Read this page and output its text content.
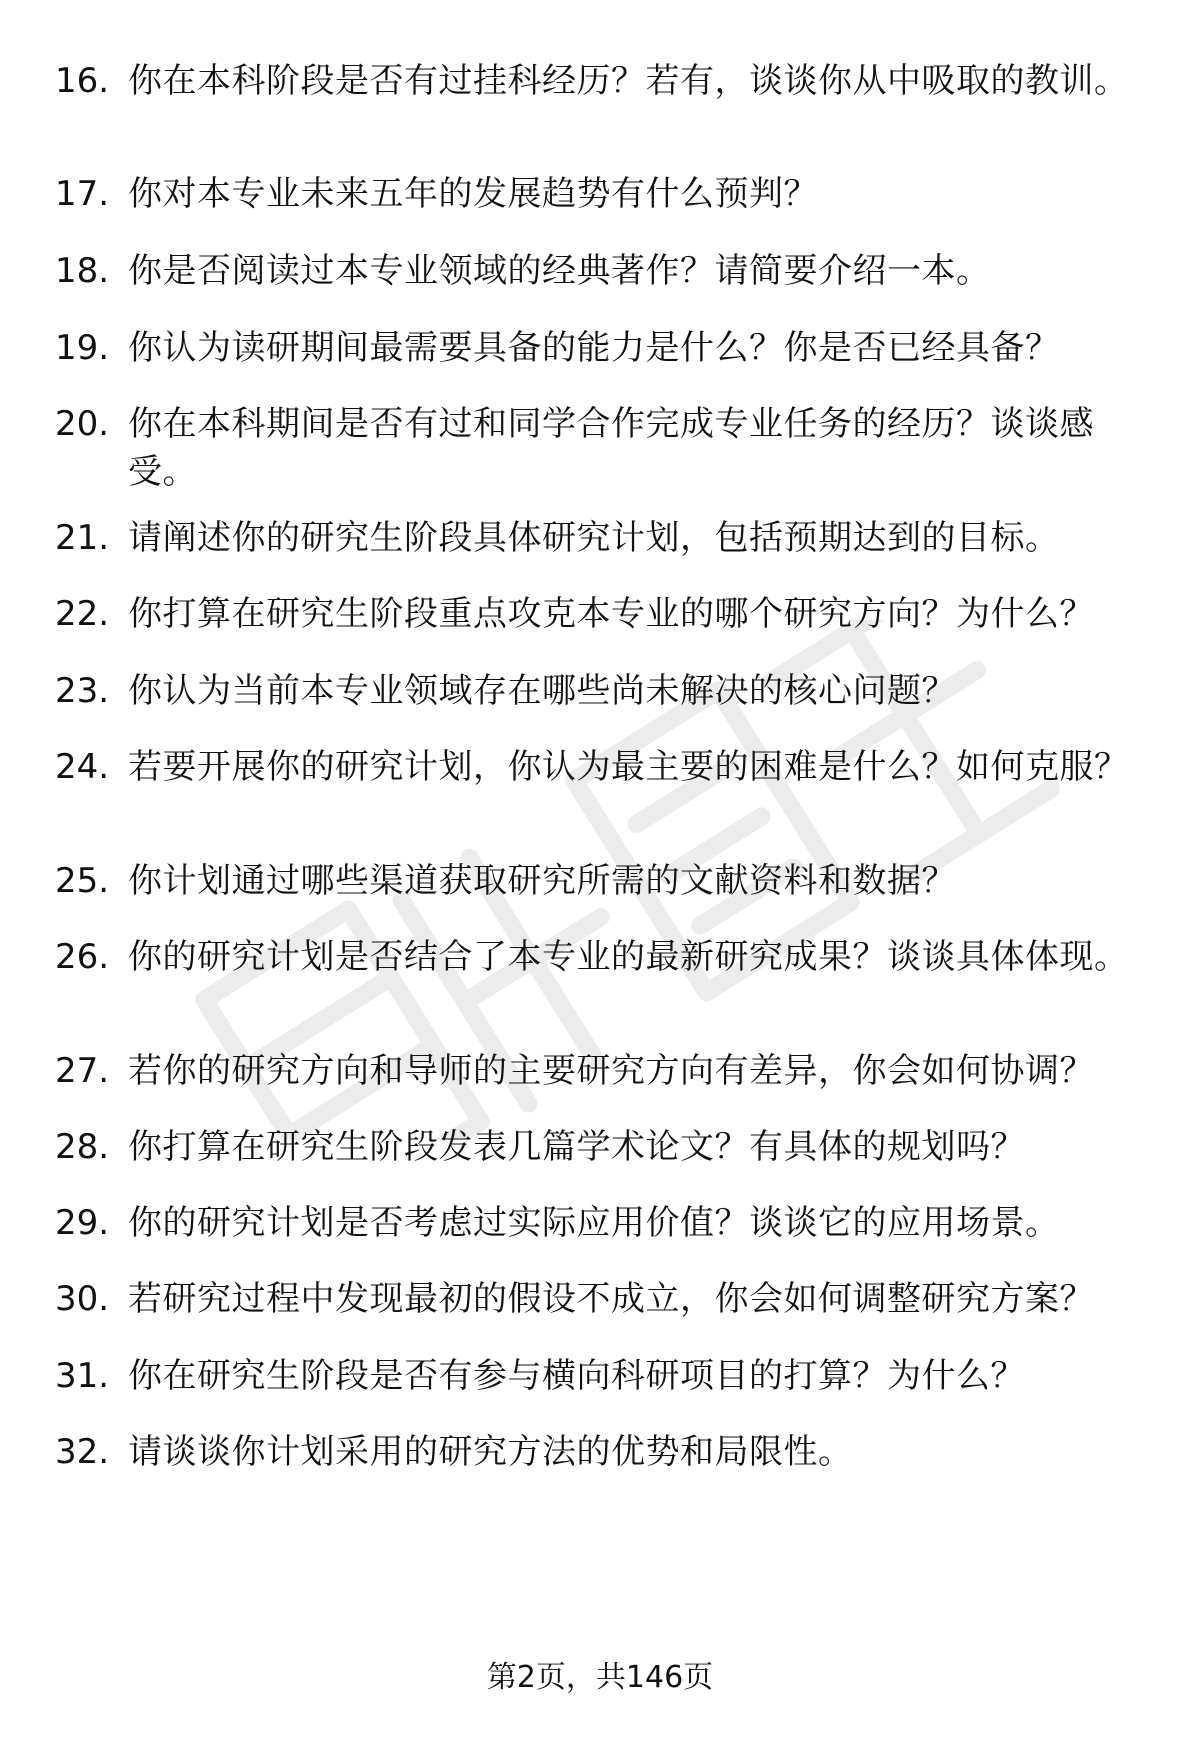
16. 你在本科阶段是否有过挂科经历？若有，谈谈你从中吸取的教训。
17. 你对本专业未来五年的发展趋势有什么预判？
18. 你是否阅读过本专业领域的经典著作？请简要介绍一本。
19. 你认为读研期间最需要具备的能力是什么？你是否已经具备？
20. 你在本科期间是否有过和同学合作完成专业任务的经历？谈谈感受。
21. 请阐述你的研究生阶段具体研究计划，包括预期达到的目标。
22. 你打算在研究生阶段重点攻克本专业的哪个研究方向？为什么？
23. 你认为当前本专业领域存在哪些尚未解决的核心问题？
24. 若要开展你的研究计划，你认为最主要的困难是什么？如何克服？
25. 你计划通过哪些渠道获取研究所需的文献资料和数据？
26. 你的研究计划是否结合了本专业的最新研究成果？谈谈具体体现。
27. 若你的研究方向和导师的主要研究方向有差异，你会如何协调？
28. 你打算在研究生阶段发表几篇学术论文？有具体的规划吗？
29. 你的研究计划是否考虑过实际应用价值？谈谈它的应用场景。
30. 若研究过程中发现最初的假设不成立，你会如何调整研究方案？
31. 你在研究生阶段是否有参与横向科研项目的打算？为什么？
32. 请谈谈你计划采用的研究方法的优势和局限性。
第2页，共146页
